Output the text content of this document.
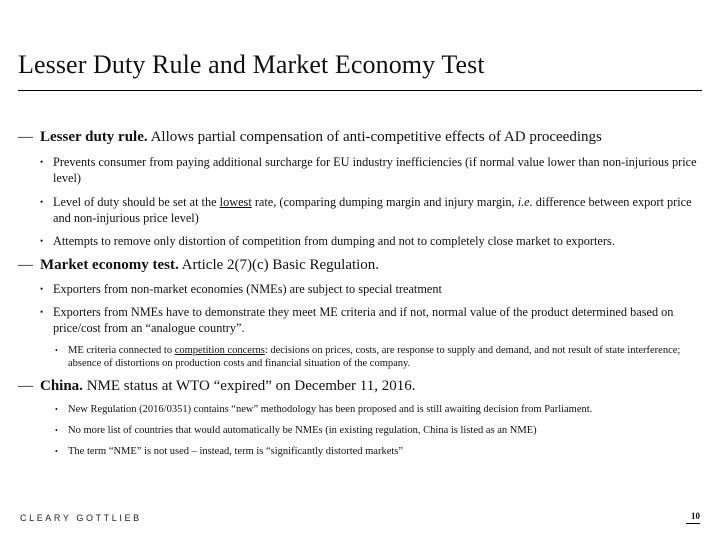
Lesser Duty Rule and Market Economy Test
— Lesser duty rule. Allows partial compensation of anti-competitive effects of AD proceedings
• Prevents consumer from paying additional surcharge for EU industry inefficiencies (if normal value lower than non-injurious price level)
• Level of duty should be set at the lowest rate, (comparing dumping margin and injury margin, i.e. difference between export price and non-injurious price level)
• Attempts to remove only distortion of competition from dumping and not to completely close market to exporters.
— Market economy test. Article 2(7)(c) Basic Regulation.
• Exporters from non-market economies (NMEs) are subject to special treatment
• Exporters from NMEs have to demonstrate they meet ME criteria and if not, normal value of the product determined based on price/cost from an “analogue country”.
• ME criteria connected to competition concerns: decisions on prices, costs, are response to supply and demand, and not result of state interference; absence of distortions on production costs and financial situation of the company.
— China. NME status at WTO “expired” on December 11, 2016.
• New Regulation (2016/0351) contains “new” methodology has been proposed and is still awaiting decision from Parliament.
• No more list of countries that would automatically be NMEs (in existing regulation, China is listed as an NME)
• The term “NME” is not used – instead, term is “significantly distorted markets”
CLEARY GOTTLIEB	10
